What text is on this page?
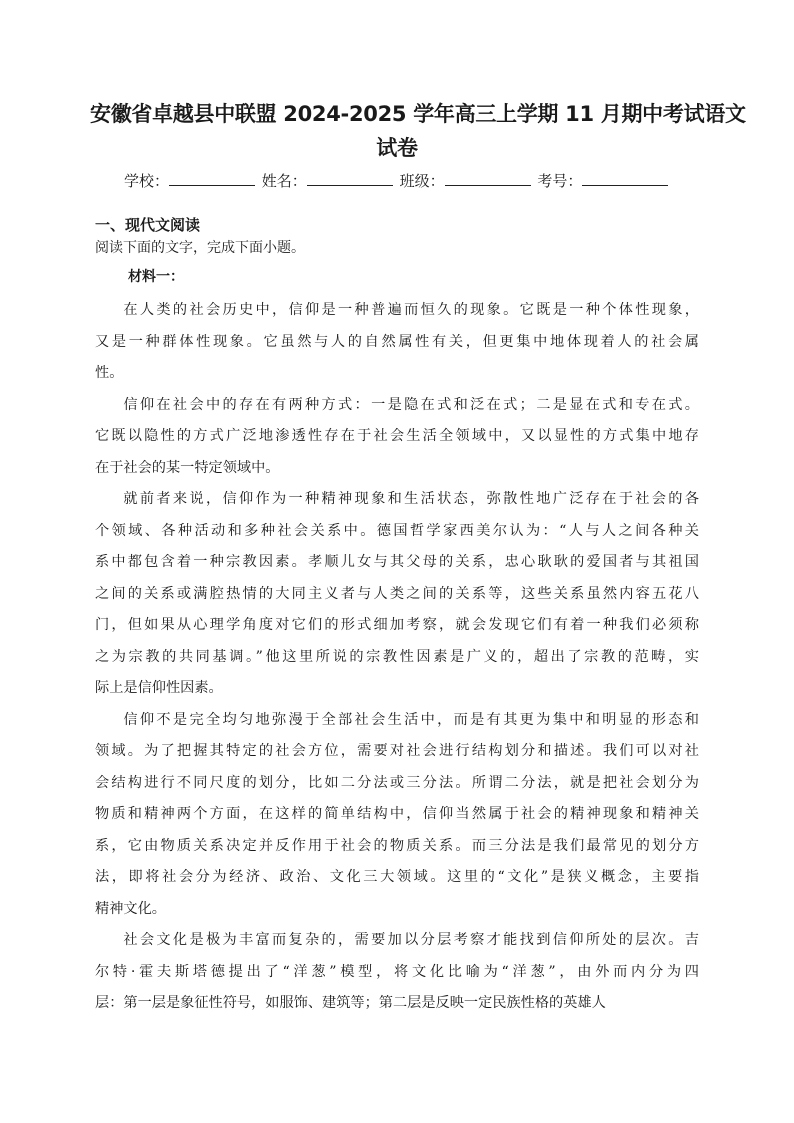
安徽省卓越县中联盟 2024-2025 学年高三上学期 11 月期中考试语文
试卷
学校：	姓名：	班级：	考号：
一、现代文阅读
阅读下面的文字，完成下面小题。
材料一：
在人类的社会历史中，信仰是一种普遍而恒久的现象。它既是一种个体性现象，
又是一种群体性现象。它虽然与人的自然属性有关，但更集中地体现着人的社会属
性。
信仰在社会中的存在有两种方式：一是隐在式和泛在式；二是显在式和专在式。
它既以隐性的方式广泛地渗透性存在于社会生活全领域中，又以显性的方式集中地存
在于社会的某一特定领域中。
就前者来说，信仰作为一种精神现象和生活状态，弥散性地广泛存在于社会的各
个领域、各种活动和多种社会关系中。德国哲学家西美尔认为：“人与人之间各种关
系中都包含着一种宗教因素。孝顺儿女与其父母的关系，忠心耿耿的爱国者与其祖国
之间的关系或满腔热情的大同主义者与人类之间的关系等，这些关系虽然内容五花八
门，但如果从心理学角度对它们的形式细加考察，就会发现它们有着一种我们必须称
之为宗教的共同基调。”他这里所说的宗教性因素是广义的，超出了宗教的范畴，实
际上是信仰性因素。
信仰不是完全均匀地弥漫于全部社会生活中，而是有其更为集中和明显的形态和
领域。为了把握其特定的社会方位，需要对社会进行结构划分和描述。我们可以对社
会结构进行不同尺度的划分，比如二分法或三分法。所谓二分法，就是把社会划分为
物质和精神两个方面，在这样的简单结构中，信仰当然属于社会的精神现象和精神关
系，它由物质关系决定并反作用于社会的物质关系。而三分法是我们最常见的划分方
法，即将社会分为经济、政治、文化三大领域。这里的“文化”是狭义概念，主要指
精神文化。
社会文化是极为丰富而复杂的，需要加以分层考察才能找到信仰所处的层次。吉
尔特·霍夫斯塔德提出了“洋葱”模型，将文化比喻为“洋葱”，由外而内分为四
层：第一层是象征性符号，如服饰、建筑等；第二层是反映一定民族性格的英雄人
